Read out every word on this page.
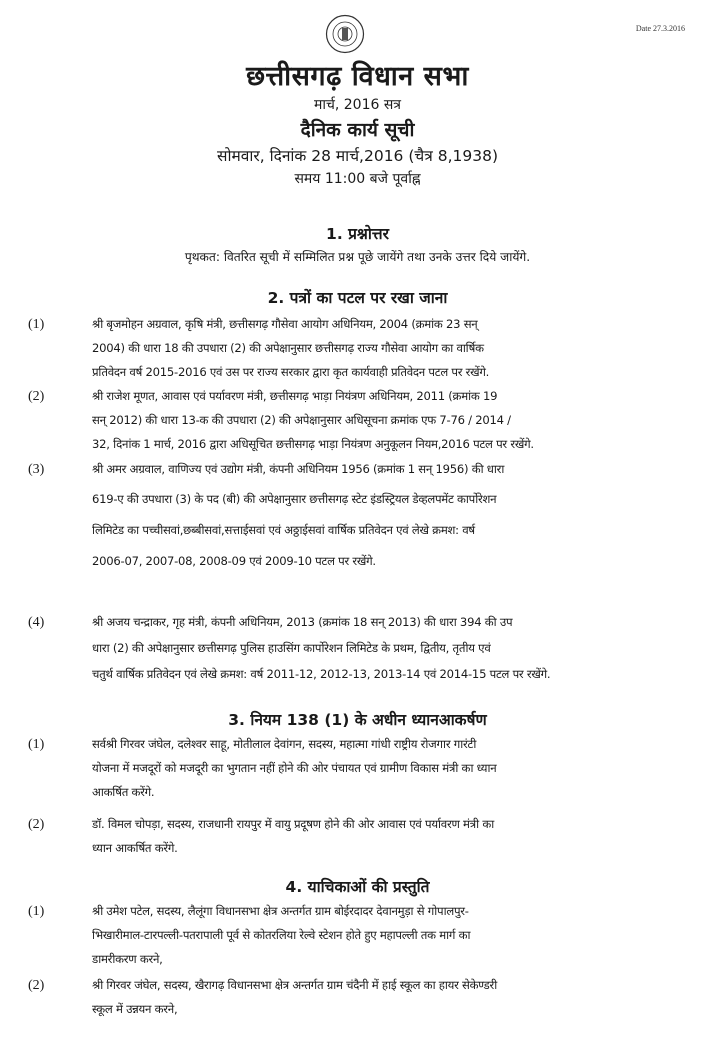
Date 27.3.2016
छत्तीसगढ़ विधान सभा
मार्च, 2016 सत्र
दैनिक कार्य सूची
सोमवार, दिनांक 28 मार्च,2016 (चैत्र 8,1938)
समय 11:00 बजे पूर्वाह्न
1. प्रश्नोत्तर
पृथकत: वितरित सूची में सम्मिलित प्रश्न पूछे जायेंगे तथा उनके उत्तर दिये जायेंगे.
2. पत्रों का पटल पर रखा जाना
(1)	श्री बृजमोहन अग्रवाल, कृषि मंत्री, छत्तीसगढ़ गौसेवा आयोग अधिनियम, 2004 (क्रमांक 23 सन्
2004) की धारा 18 की उपधारा (2) की अपेक्षानुसार छत्तीसगढ़ राज्य गौसेवा आयोग का वार्षिक
प्रतिवेदन वर्ष 2015-2016 एवं उस पर राज्य सरकार द्वारा कृत कार्यवाही प्रतिवेदन पटल पर रखेंगे.
(2)	श्री राजेश मूणत, आवास एवं पर्यावरण मंत्री, छत्तीसगढ़ भाड़ा नियंत्रण अधिनियम, 2011 (क्रमांक 19
सन् 2012) की धारा 13-क की उपधारा (2) की अपेक्षानुसार अधिसूचना क्रमांक एफ 7-76 / 2014 /
32, दिनांक 1 मार्च, 2016 द्वारा अधिसूचित छत्तीसगढ़ भाड़ा नियंत्रण अनुकूलन नियम,2016 पटल पर रखेंगे.
(3)	श्री अमर अग्रवाल, वाणिज्य एवं उद्योग मंत्री, कंपनी अधिनियम 1956 (क्रमांक 1 सन् 1956) की धारा
619-ए की उपधारा (3) के पद (बी) की अपेक्षानुसार छत्तीसगढ़ स्टेट इंडस्ट्रियल डेव्हलपमेंट कार्पोरेशन
लिमिटेड का पच्चीसवां,छब्बीसवां,सत्ताईसवां एवं अठ्ठाईसवां वार्षिक प्रतिवेदन एवं लेखे क्रमश: वर्ष
2006-07, 2007-08, 2008-09 एवं 2009-10 पटल पर रखेंगे.
(4)	श्री अजय चन्द्राकर, गृह मंत्री, कंपनी अधिनियम, 2013 (क्रमांक 18 सन् 2013) की धारा 394 की उप
धारा (2) की अपेक्षानुसार छत्तीसगढ़ पुलिस हाउसिंग कार्पोरेशन लिमिटेड के प्रथम, द्वितीय, तृतीय एवं
चतुर्थ वार्षिक प्रतिवेदन एवं लेखे क्रमश: वर्ष 2011-12, 2012-13, 2013-14 एवं 2014-15 पटल पर रखेंगे.
3. नियम 138 (1) के अधीन ध्यानआकर्षण
(1)	सर्वश्री गिरवर जंघेल, दलेश्वर साहू, मोतीलाल देवांगन, सदस्य, महात्मा गांधी राष्ट्रीय रोजगार गारंटी
योजना में मजदूरों को मजदूरी का भुगतान नहीं होने की ओर पंचायत एवं ग्रामीण विकास मंत्री का ध्यान
आकर्षित करेंगे.
(2)	डॉ. विमल चोपड़ा, सदस्य, राजधानी रायपुर में वायु प्रदूषण होने की ओर आवास एवं पर्यावरण मंत्री का
ध्यान आकर्षित करेंगे.
4. याचिकाओं की प्रस्तुति
(1)	श्री उमेश पटेल, सदस्य, लैलूंगा विधानसभा क्षेत्र अन्तर्गत ग्राम बोईरदादर देवानमुड़ा से गोपालपुर-
भिखारीमाल-टारपल्ली-पतरापाली पूर्व से कोतरलिया रेल्वे स्टेशन होते हुए महापल्ली तक मार्ग का
डामरीकरण करने,
(2)	श्री गिरवर जंघेल, सदस्य, खैरागढ़ विधानसभा क्षेत्र अन्तर्गत ग्राम चंदैनी में हाई स्कूल का हायर सेकेण्डरी
स्कूल में उन्नयन करने,
